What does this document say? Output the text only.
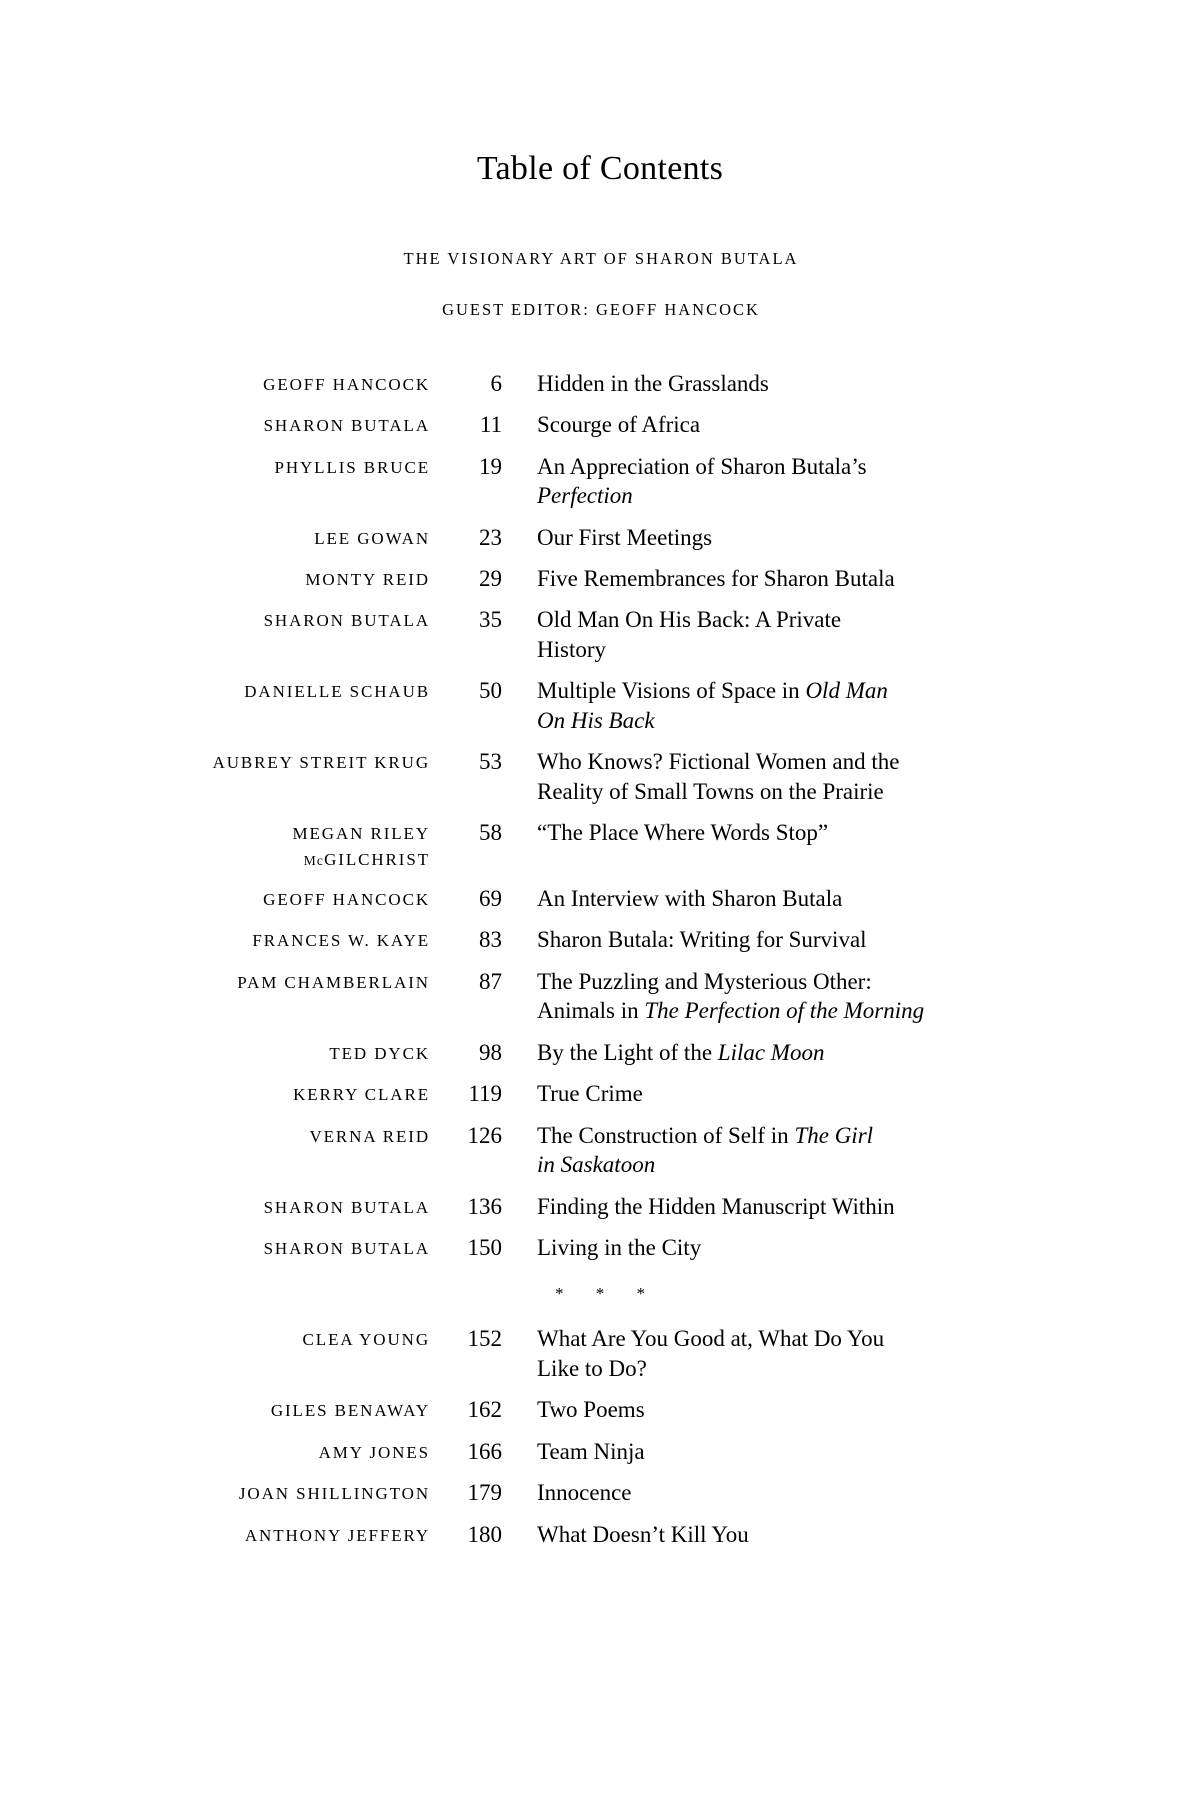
Table of Contents

THE VISIONARY ART OF SHARON BUTALA

GUEST EDITOR: GEOFF HANCOCK

GEOFF HANCOCK	6	Hidden in the Grasslands
SHARON BUTALA	11	Scourge of Africa
PHYLLIS BRUCE	19	An Appreciation of Sharon Butala’s
Perfection
LEE GOWAN	23	Our First Meetings
MONTY REID	29	Five Remembrances for Sharon Butala
SHARON BUTALA	35	Old Man On His Back: A Private
History
DANIELLE SCHAUB	50	Multiple Visions of Space in Old Man
On His Back
AUBREY STREIT KRUG	53	Who Knows? Fictional Women and the
Reality of Small Towns on the Prairie
MEGAN RILEY
McGILCHRIST
58	“The Place Where Words Stop”
GEOFF HANCOCK	69	An Interview with Sharon Butala
FRANCES W. KAYE	83	Sharon Butala: Writing for Survival
PAM CHAMBERLAIN	87	The Puzzling and Mysterious Other:
Animals in The Perfection of the Morning
TED DYCK	98	By the Light of the Lilac Moon
KERRY CLARE	119	True Crime
VERNA REID	126	The Construction of Self in The Girl
in Saskatoon
SHARON BUTALA	136	Finding the Hidden Manuscript Within
SHARON BUTALA	150	Living in the City
* * *
CLEA YOUNG	152	What Are You Good at, What Do You
Like to Do?
GILES BENAWAY	162	Two Poems
AMY JONES	166	Team Ninja
JOAN SHILLINGTON	179	Innocence
ANTHONY JEFFERY	180	What Doesn’t Kill You
